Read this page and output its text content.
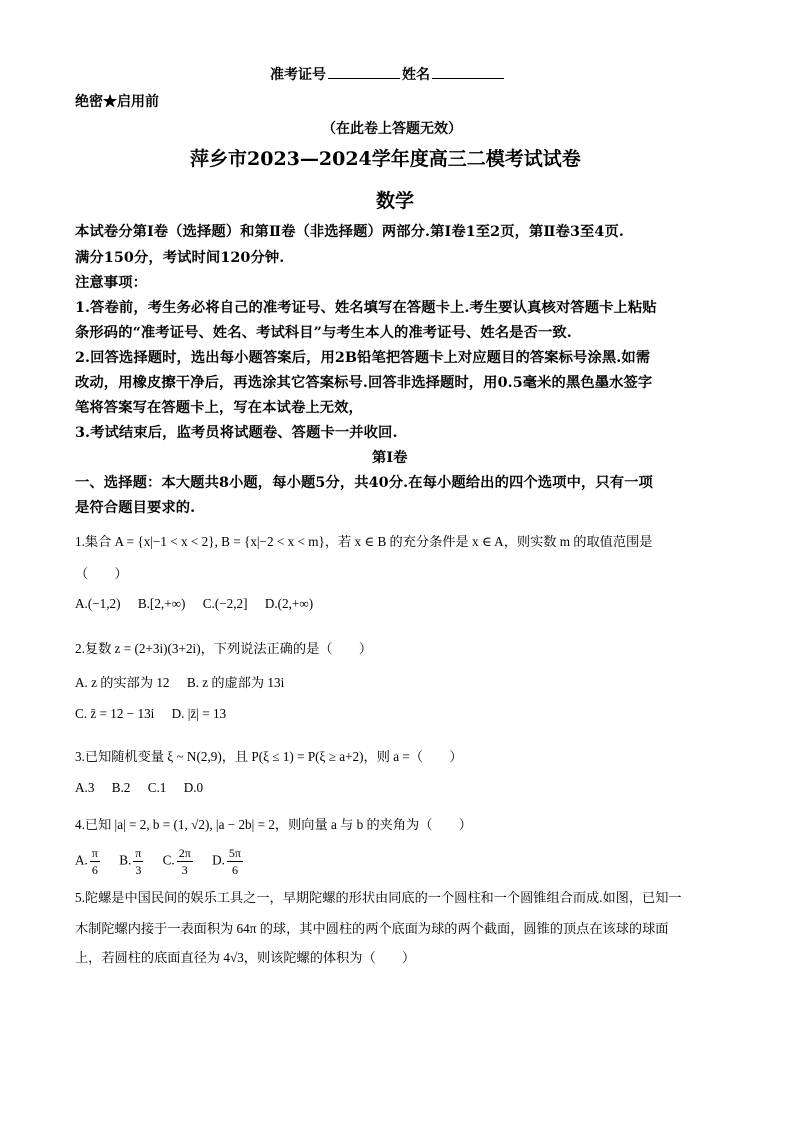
准考证号	姓名
绝密★启用前
（在此卷上答题无效）
萍乡市2023—2024学年度高三二模考试试卷
数学
本试卷分第Ⅰ卷（选择题）和第Ⅱ卷（非选择题）两部分.第Ⅰ卷1至2页，第Ⅱ卷3至4页.
满分150分，考试时间120分钟.
注意事项：
1.答卷前，考生务必将自己的准考证号、姓名填写在答题卡上.考生要认真核对答题卡上粘贴
条形码的“准考证号、姓名、考试科目”与考生本人的准考证号、姓名是否一致.
2.回答选择题时，选出每小题答案后，用2B铅笔把答题卡上对应题目的答案标号涂黑.如需
改动，用橡皮擦干净后，再选涂其它答案标号.回答非选择题时，用0.5毫米的黑色墨水签字
笔将答案写在答题卡上，写在本试卷上无效，
3.考试结束后，监考员将试题卷、答题卡一并收回.
第Ⅰ卷
一、选择题：本大题共8小题，每小题5分，共40分.在每小题给出的四个选项中，只有一项
是符合题目要求的.
1.集合 A = {x|−1 < x < 2}, B = {x|−2 < x < m}，若 x ∈ B 的充分条件是 x ∈ A，则实数 m 的取值范围是
（　　）
A.(−1,2) B.[2,+∞) C.(−2,2] D.(2,+∞)
2.复数 z = (2+3i)(3+2i)，下列说法正确的是（　　）
A. z 的实部为 12 B. z 的虚部为 13i
C. z̄ = 12 − 13i D. |z̄| = 13
3.已知随机变量 ξ ~ N(2,9)，且 P(ξ ≤ 1) = P(ξ ≥ a+2)，则 a =（　　）
A.3 B.2 C.1 D.0
4.已知 |a| = 2, b = (1, √2), |a − 2b| = 2，则向量 a 与 b 的夹角为（　　）
A. $\frac{\pi}{6} B$. $\frac{\pi}{3} C$. $\frac{2\pi}{3} D$. $\frac{5\pi}{6}$
5.陀螺是中国民间的娱乐工具之一，早期陀螺的形状由同底的一个圆柱和一个圆锥组合而成.如图，已知一
木制陀螺内接于一表面积为 64π 的球，其中圆柱的两个底面为球的两个截面，圆锥的顶点在该球的球面
上，若圆柱的底面直径为 4√3，则该陀螺的体积为（　　）
